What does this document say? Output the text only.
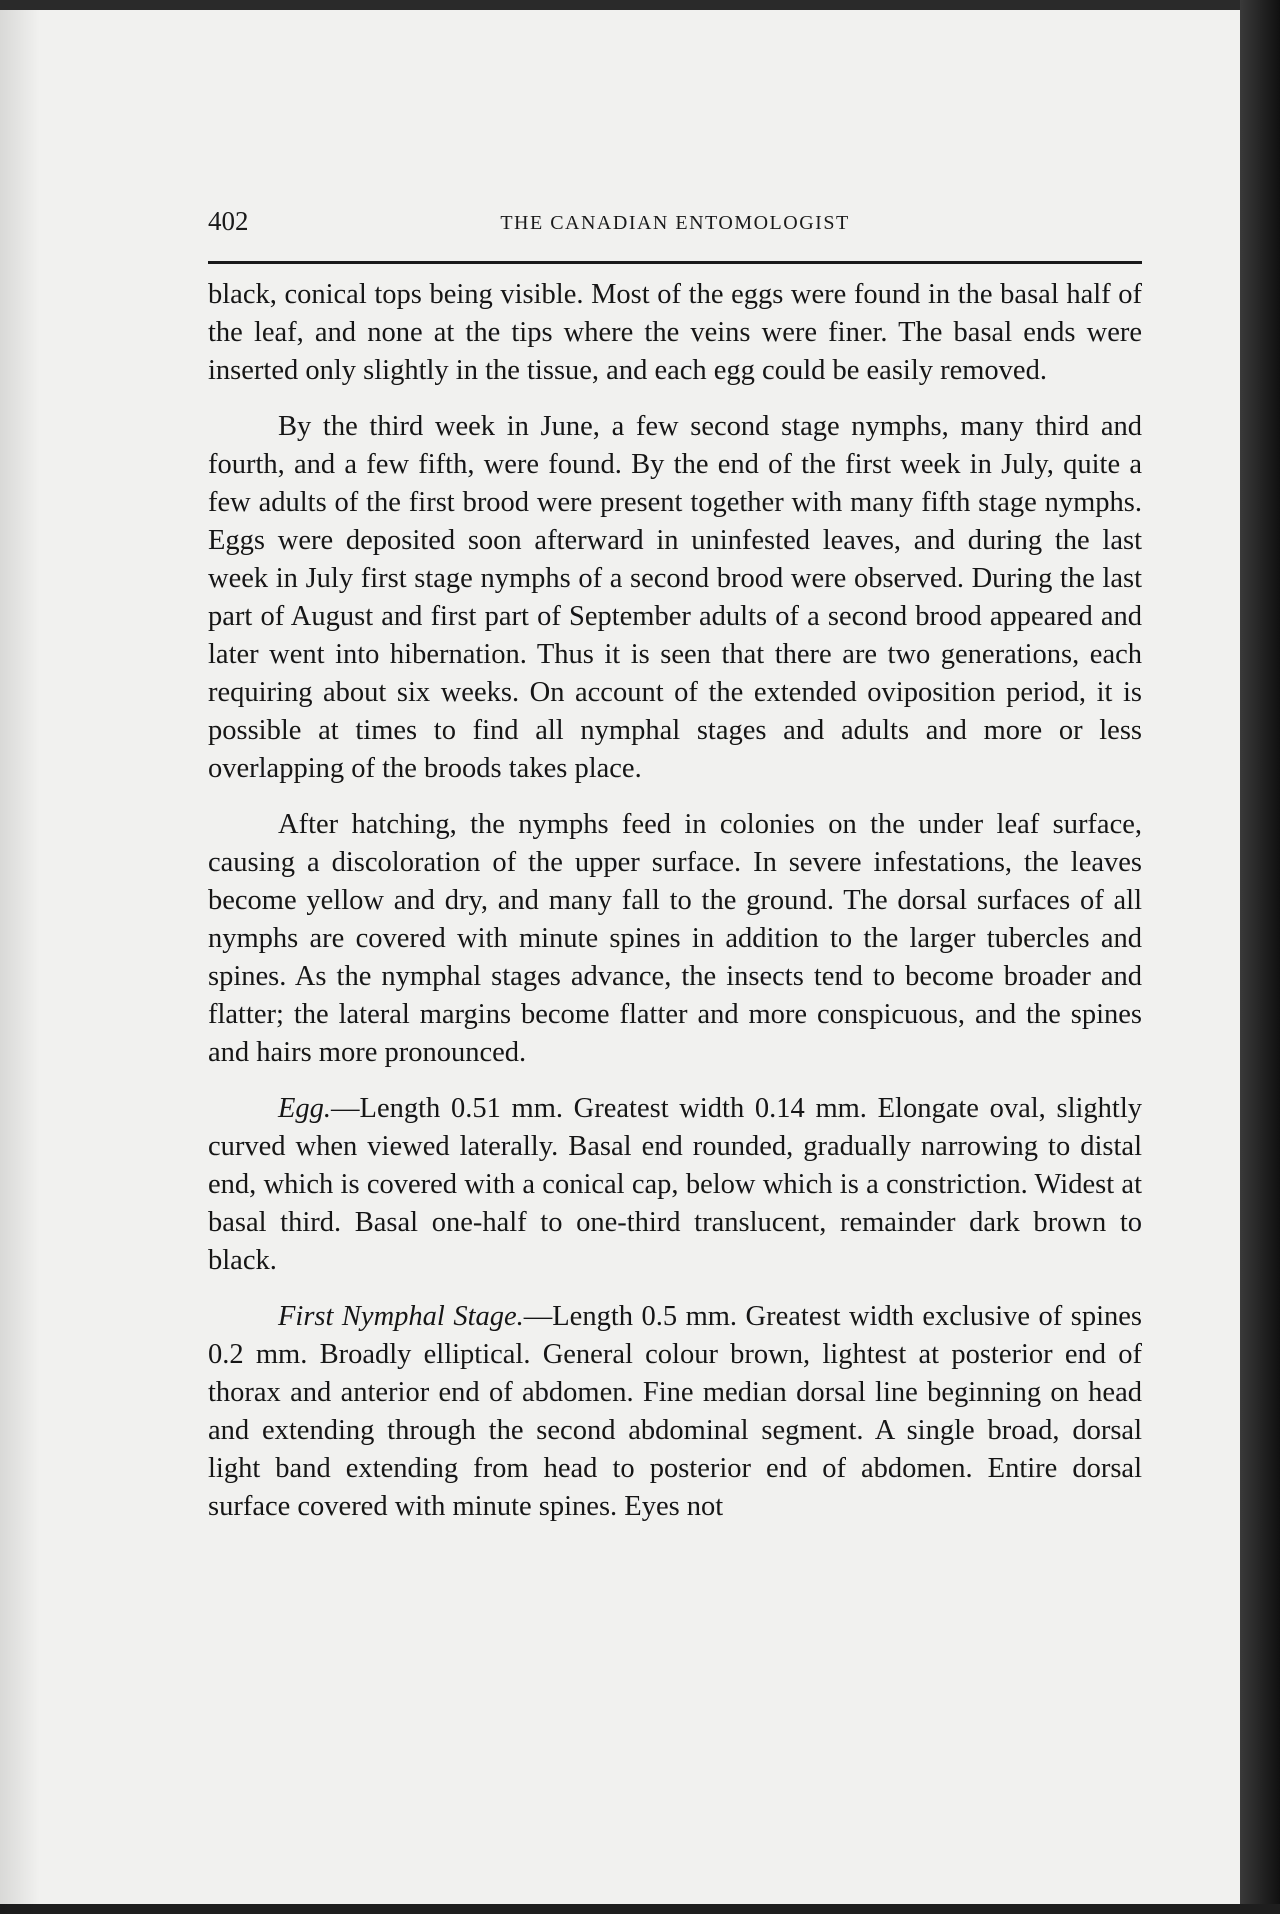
402	THE CANADIAN ENTOMOLOGIST

black, conical tops being visible. Most of the eggs were found in the basal half of the leaf, and none at the tips where the veins were finer. The basal ends were inserted only slightly in the tissue, and each egg could be easily removed.

By the third week in June, a few second stage nymphs, many third and fourth, and a few fifth, were found. By the end of the first week in July, quite a few adults of the first brood were present together with many fifth stage nymphs. Eggs were deposited soon afterward in uninfested leaves, and during the last week in July first stage nymphs of a second brood were observed. During the last part of August and first part of September adults of a second brood appeared and later went into hibernation. Thus it is seen that there are two generations, each requiring about six weeks. On account of the extended oviposition period, it is possible at times to find all nymphal stages and adults and more or less overlapping of the broods takes place.

After hatching, the nymphs feed in colonies on the under leaf surface, causing a discoloration of the upper surface. In severe infestations, the leaves become yellow and dry, and many fall to the ground. The dorsal surfaces of all nymphs are covered with minute spines in addition to the larger tubercles and spines. As the nymphal stages advance, the insects tend to become broader and flatter; the lateral margins become flatter and more conspicuous, and the spines and hairs more pronounced.

Egg.—Length 0.51 mm. Greatest width 0.14 mm. Elongate oval, slightly curved when viewed laterally. Basal end rounded, gradually narrowing to distal end, which is covered with a conical cap, below which is a constriction. Widest at basal third. Basal one-half to one-third translucent, remainder dark brown to black.

First Nymphal Stage.—Length 0.5 mm. Greatest width exclusive of spines 0.2 mm. Broadly elliptical. General colour brown, lightest at posterior end of thorax and anterior end of abdomen. Fine median dorsal line beginning on head and extending through the second abdominal segment. A single broad, dorsal light band extending from head to posterior end of abdomen. Entire dorsal surface covered with minute spines. Eyes not
